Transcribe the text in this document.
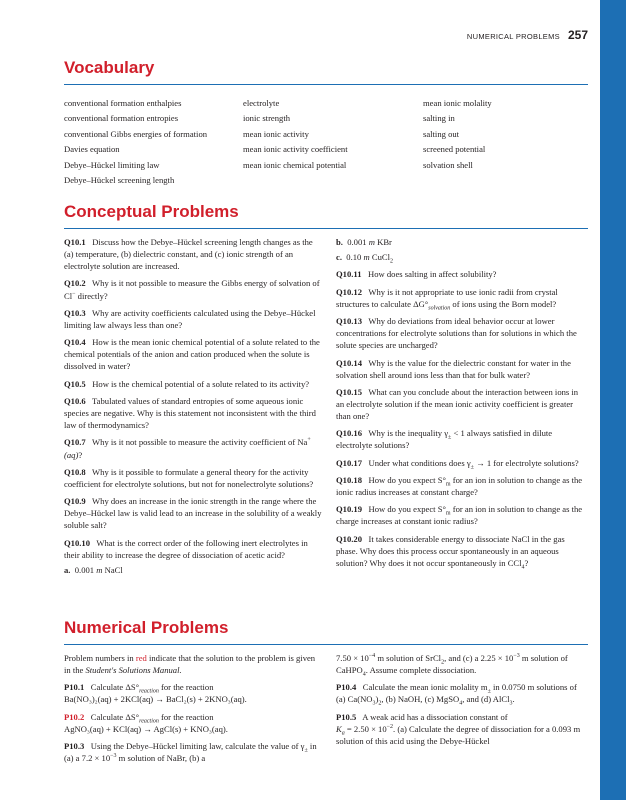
NUMERICAL PROBLEMS 257
Vocabulary
conventional formation enthalpies	electrolyte	mean ionic molality
conventional formation entropies	ionic strength	salting in
conventional Gibbs energies of formation	mean ionic activity	salting out
Davies equation	mean ionic activity coefficient	screened potential
Debye–Hückel limiting law	mean ionic chemical potential	solvation shell
Debye–Hückel screening length
Conceptual Problems

Q10.1 Discuss how the Debye–Hückel screening length changes as the (a) temperature, (b) dielectric constant, and (c) ionic strength of an electrolyte solution are increased.

Q10.2 Why is it not possible to measure the Gibbs energy of solvation of Cl− directly?

Q10.3 Why are activity coefficients calculated using the Debye–Hückel limiting law always less than one?

Q10.4 How is the mean ionic chemical potential of a solute related to the chemical potentials of the anion and cation produced when the solute is dissolved in water?

Q10.5 How is the chemical potential of a solute related to its activity?

Q10.6 Tabulated values of standard entropies of some aqueous ionic species are negative. Why is this statement not inconsistent with the third law of thermodynamics?

Q10.7 Why is it not possible to measure the activity coefficient of Na+(aq)?

Q10.8 Why is it possible to formulate a general theory for the activity coefficient for electrolyte solutions, but not for nonelectrolyte solutions?

Q10.9 Why does an increase in the ionic strength in the range where the Debye–Hückel law is valid lead to an increase in the solubility of a weakly soluble salt?

Q10.10 What is the correct order of the following inert electrolytes in their ability to increase the degree of dissociation of acetic acid?

a. 0.001 m NaCl

b. 0.001 m KBr

c. 0.10 m CuCl$_2$

Q10.11 How does salting in affect solubility?

Q10.12 Why is it not appropriate to use ionic radii from crystal structures to calculate $\Delta G^\circ_{solvation}$ of ions using the Born model?

Q10.13 Why do deviations from ideal behavior occur at lower concentrations for electrolyte solutions than for solutions in which the solute species are uncharged?

Q10.14 Why is the value for the dielectric constant for water in the solvation shell around ions less than that for bulk water?

Q10.15 What can you conclude about the interaction between ions in an electrolyte solution if the mean ionic activity coefficient is greater than one?

Q10.16 Why is the inequality $\gamma_\pm < 1$ always satisfied in dilute electrolyte solutions?

Q10.17 Under what conditions does $\gamma_\pm \to 1$ for electrolyte solutions?

Q10.18 How do you expect $S^\circ_m$ for an ion in solution to change as the ionic radius increases at constant charge?

Q10.19 How do you expect $S^\circ_m$ for an ion in solution to change as the charge increases at constant ionic radius?

Q10.20 It takes considerable energy to dissociate NaCl in the gas phase. Why does this process occur spontaneously in an aqueous solution? Why does it not occur spontaneously in CCl$_4$?

Numerical Problems

Problem numbers in red indicate that the solution to the problem is given in the Student's Solutions Manual.

P10.1 Calculate $\Delta S^\circ_{reaction}$ for the reaction
Ba(NO₃)₂(aq) + 2KCl(aq) → BaCl₂(s) + 2KNO₃(aq).

P10.2 Calculate $\Delta S^\circ_{reaction}$ for the reaction
AgNO₃(aq) + KCl(aq) → AgCl(s) + KNO₃(aq).

P10.3 Using the Debye–Hückel limiting law, calculate the value of $\gamma_\pm$ in (a) a $7.2 \times 10^{-3}$ m solution of NaBr, (b) a

$7.50 \times 10^{-4}$ m solution of SrCl$_2$, and (c) a $2.25 \times 10^{-3}$ m solution of CaHPO$_4$. Assume complete dissociation.

P10.4 Calculate the mean ionic molality $m_\pm$ in 0.0750 m solutions of (a) $Ca(NO_3)_2$, (b) NaOH, (c) MgSO$_4$, and (d) AlCl$_3$.

P10.5 A weak acid has a dissociation constant of
$K_a = 2.50 \times 10^{-2}$. (a) Calculate the degree of dissociation for a 0.093 m solution of this acid using the Debye-Hückel
